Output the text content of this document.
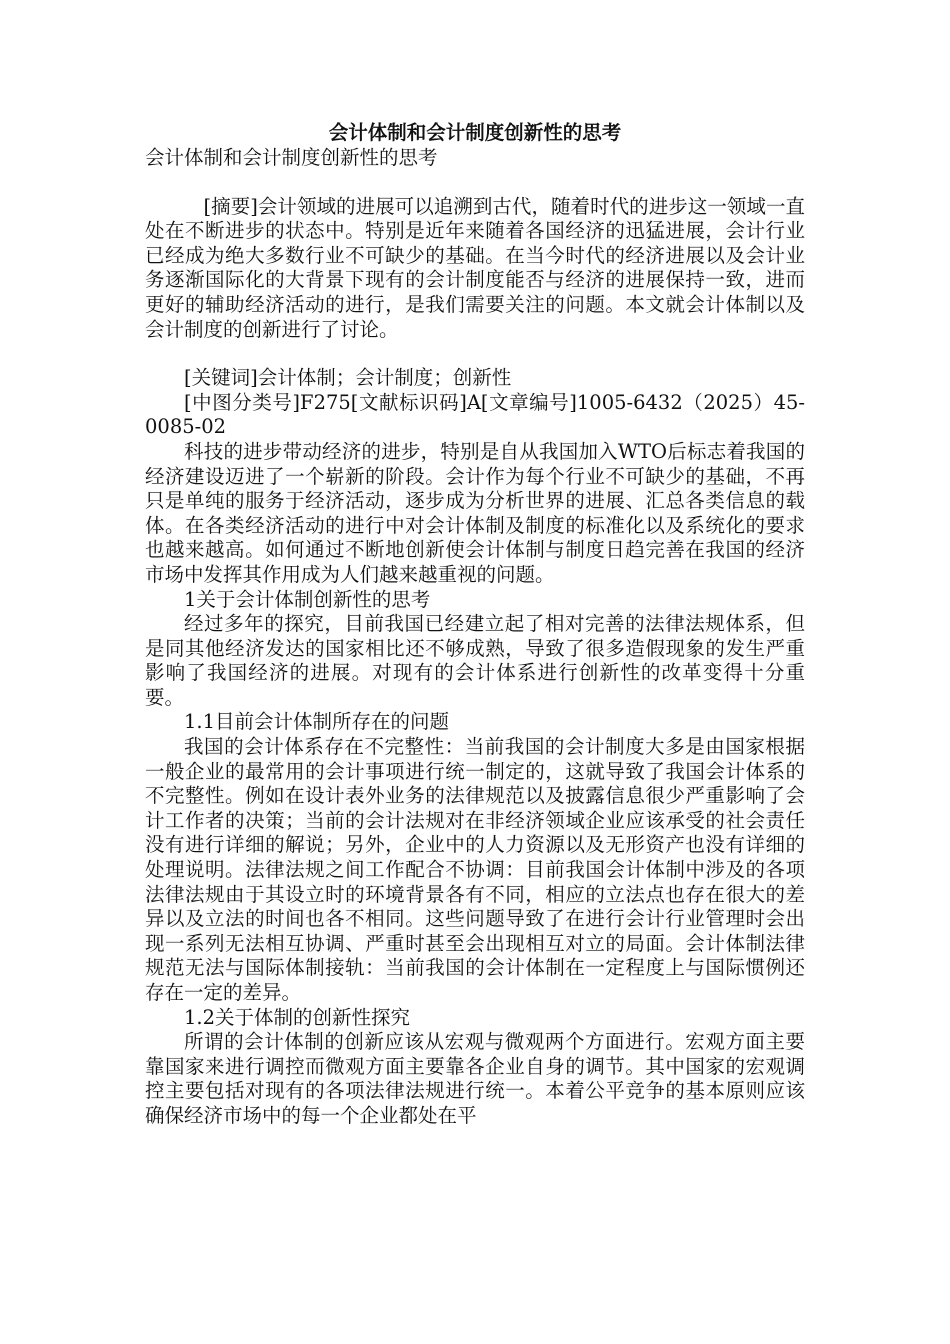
会计体制和会计制度创新性的思考

会计体制和会计制度创新性的思考

[摘要]会计领域的进展可以追溯到古代，随着时代的进步这一领域一直处在不断进步的状态中。特别是近年来随着各国经济的迅猛进展，会计行业已经成为绝大多数行业不可缺少的基础。在当今时代的经济进展以及会计业务逐渐国际化的大背景下现有的会计制度能否与经济的进展保持一致，进而更好的辅助经济活动的进行，是我们需要关注的问题。本文就会计体制以及会计制度的创新进行了讨论。

[关键词]会计体制；会计制度；创新性

[中图分类号]F275[文献标识码]A[文章编号]1005-6432（2025）45-0085-02

科技的进步带动经济的进步，特别是自从我国加入WTO后标志着我国的经济建设迈进了一个崭新的阶段。会计作为每个行业不可缺少的基础，不再只是单纯的服务于经济活动，逐步成为分析世界的进展、汇总各类信息的载体。在各类经济活动的进行中对会计体制及制度的标准化以及系统化的要求也越来越高。如何通过不断地创新使会计体制与制度日趋完善在我国的经济市场中发挥其作用成为人们越来越重视的问题。

1关于会计体制创新性的思考

经过多年的探究，目前我国已经建立起了相对完善的法律法规体系，但是同其他经济发达的国家相比还不够成熟，导致了很多造假现象的发生严重影响了我国经济的进展。对现有的会计体系进行创新性的改革变得十分重要。

1.1目前会计体制所存在的问题

我国的会计体系存在不完整性：当前我国的会计制度大多是由国家根据一般企业的最常用的会计事项进行统一制定的，这就导致了我国会计体系的不完整性。例如在设计表外业务的法律规范以及披露信息很少严重影响了会计工作者的决策；当前的会计法规对在非经济领域企业应该承受的社会责任没有进行详细的解说；另外，企业中的人力资源以及无形资产也没有详细的处理说明。法律法规之间工作配合不协调：目前我国会计体制中涉及的各项法律法规由于其设立时的环境背景各有不同，相应的立法点也存在很大的差异以及立法的时间也各不相同。这些问题导致了在进行会计行业管理时会出现一系列无法相互协调、严重时甚至会出现相互对立的局面。会计体制法律规范无法与国际体制接轨：当前我国的会计体制在一定程度上与国际惯例还存在一定的差异。

1.2关于体制的创新性探究

所谓的会计体制的创新应该从宏观与微观两个方面进行。宏观方面主要靠国家来进行调控而微观方面主要靠各企业自身的调节。其中国家的宏观调控主要包括对现有的各项法律法规进行统一。本着公平竞争的基本原则应该确保经济市场中的每一个企业都处在平
